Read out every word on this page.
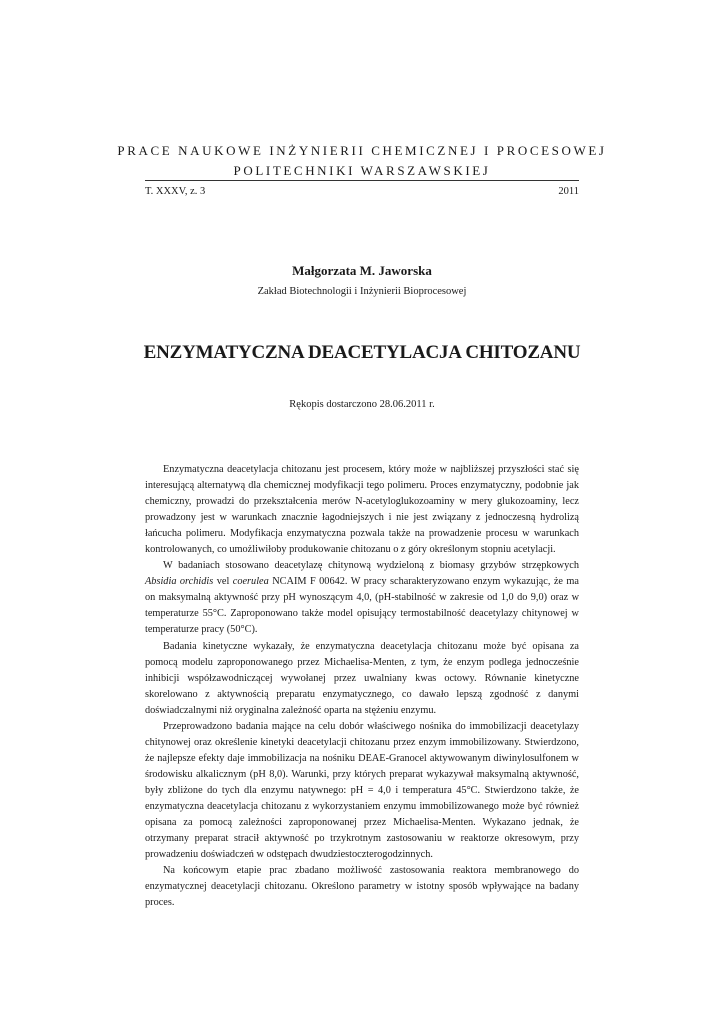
PRACE NAUKOWE INŻYNIERII CHEMICZNEJ I PROCESOWEJ
POLITECHNIKI WARSZAWSKIEJ
T. XXXV, z. 3	2011
Małgorzata M. Jaworska
Zakład Biotechnologii i Inżynierii Bioprocesowej
ENZYMATYCZNA DEACETYLACJA CHITOZANU
Rękopis dostarczono 28.06.2011 r.

Enzymatyczna deacetylacja chitozanu jest procesem, który może w najbliższej przyszłości stać się interesującą alternatywą dla chemicznej modyfikacji tego polimeru. Proces enzymatyczny, podobnie jak chemiczny, prowadzi do przekształcenia merów N-acetyloglukozoaminy w mery glukozoaminy, lecz prowadzony jest w warunkach znacznie łagodniejszych i nie jest związany z jednoczesną hydrolizą łańcucha polimeru. Modyfikacja enzymatyczna pozwala także na prowadzenie procesu w warunkach kontrolowanych, co umożliwiłoby produkowanie chitozanu o z góry określonym stopniu acetylacji.

W badaniach stosowano deacetylazę chitynową wydzieloną z biomasy grzybów strzępkowych Absidia orchidis vel coerulea NCAIM F 00642. W pracy scharakteryzowano enzym wykazując, że ma on maksymalną aktywność przy pH wynoszącym 4,0, (pH-stabilność w zakresie od 1,0 do 9,0) oraz w temperaturze 55°C. Zaproponowano także model opisujący termostabilność deacetylazy chitynowej w temperaturze pracy (50°C).

Badania kinetyczne wykazały, że enzymatyczna deacetylacja chitozanu może być opisana za pomocą modelu zaproponowanego przez Michaelisa-Menten, z tym, że enzym podlega jednocześnie inhibicji współzawodniczącej wywołanej przez uwalniany kwas octowy. Równanie kinetyczne skorelowano z aktywnością preparatu enzymatycznego, co dawało lepszą zgodność z danymi doświadczalnymi niż oryginalna zależność oparta na stężeniu enzymu.

Przeprowadzono badania mające na celu dobór właściwego nośnika do immobilizacji deacetylazy chitynowej oraz określenie kinetyki deacetylacji chitozanu przez enzym immobilizowany. Stwierdzono, że najlepsze efekty daje immobilizacja na nośniku DEAE-Granocel aktywowanym diwinylosulfonem w środowisku alkalicznym (pH 8,0). Warunki, przy których preparat wykazywał maksymalną aktywność, były zbliżone do tych dla enzymu natywnego: pH = 4,0 i temperatura 45°C. Stwierdzono także, że enzymatyczna deacetylacja chitozanu z wykorzystaniem enzymu immobilizowanego może być również opisana za pomocą zależności zaproponowanej przez Michaelisa-Menten. Wykazano jednak, że otrzymany preparat stracił aktywność po trzykrotnym zastosowaniu w reaktorze okresowym, przy prowadzeniu doświadczeń w odstępach dwudziestoczterogodzinnych.

Na końcowym etapie prac zbadano możliwość zastosowania reaktora membranowego do enzymatycznej deacetylacji chitozanu. Określono parametry w istotny sposób wpływające na badany proces.
